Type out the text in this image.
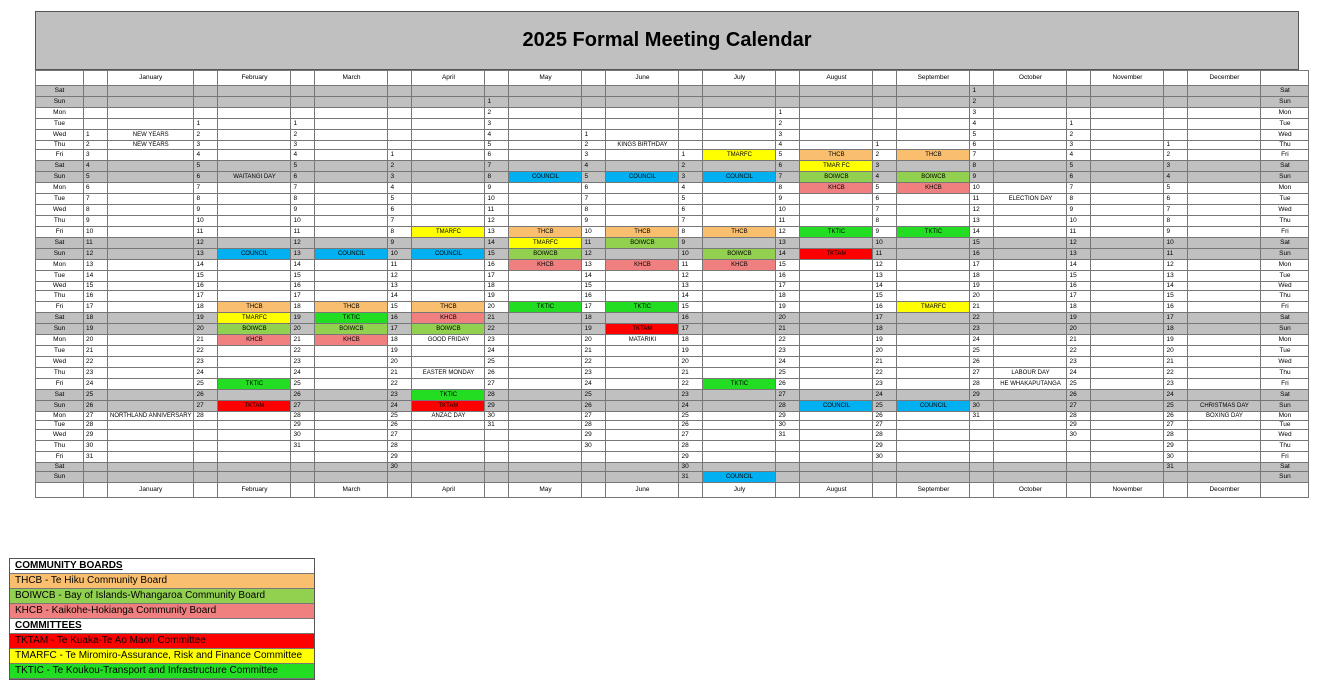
2025 Formal Meeting Calendar
		January		February		March		April		May		June		July		August		September		October		November		December	
Sat																			1						Sat
Sun									1										2						Sun
Mon									2						1				3						Mon
Tue			1		1				3						2				4		1				Tue
Wed	1	NEW YEARS	2		2				4		1				3				5		2				Wed
Thu	2	NEW YEARS	3		3				5		2	KINGS BIRTHDAY			4		1		6		3		1		Thu
Fri	3		4		4		1		6		3		1	TMARFC	5	THCB	2	THCB	7		4		2		Fri
Sat	4		5		5		2		7		4		2		6	TMAR FC	3		8		5		3		Sat
Sun	5		6	WAITANGI DAY	6		3		8	COUNCIL	5	COUNCIL	3	COUNCIL	7	BOIWCB	4	BOIWCB	9		6		4		Sun
Mon	6		7		7		4		9		6		4		8	KHCB	5	KHCB	10		7		5		Mon
Tue	7		8		8		5		10		7		5		9		6		11	ELECTION DAY	8		6		Tue
Wed	8		9		9		6		11		8		6		10		7		12		9		7		Wed
Thu	9		10		10		7		12		9		7		11		8		13		10		8		Thu
Fri	10		11		11		8	TMARFC	13	THCB	10	THCB	8	THCB	12	TKTIC	9	TKTIC	14		11		9		Fri
Sat	11		12		12		9		14	TMARFC	11	BOIWCB	9		13		10		15		12		10		Sat
Sun	12		13	COUNCIL	13	COUNCIL	10	COUNCIL	15	BOIWCB	12		10	BOIWCB	14	TKTAM	11		16		13		11		Sun
Mon	13		14		14		11		16	KHCB	13	KHCB	11	KHCB	15		12		17		14		12		Mon
Tue	14		15		15		12		17		14		12		16		13		18		15		13		Tue
Wed	15		16		16		13		18		15		13		17		14		19		16		14		Wed
Thu	16		17		17		14		19		16		14		18		15		20		17		15		Thu
Fri	17		18	THCB	18	THCB	15	THCB	20	TKTIC	17	TKTIC	15		19		16	TMARFC	21		18		16		Fri
Sat	18		19	TMARFC	19	TKTIC	16	KHCB	21		18		16		20		17		22		19		17		Sat
Sun	19		20	BOIWCB	20	BOIWCB	17	BOIWCB	22		19	TKTAM	17		21		18		23		20		18		Sun
Mon	20		21	KHCB	21	KHCB	18	GOOD FRIDAY	23		20	MATARIKI	18		22		19		24		21		19		Mon
Tue	21		22		22		19		24		21		19		23		20		25		22		20		Tue
Wed	22		23		23		20		25		22		20		24		21		26		23		21		Wed
Thu	23		24		24		21	EASTER MONDAY	26		23		21		25		22		27	LABOUR DAY	24		22		Thu
Fri	24		25	TKTIC	25		22		27		24		22	TKTIC	26		23		28	HE WHAKAPUTANGA	25		23		Fri
Sat	25		26		26		23	TKTIC	28		25		23		27		24		29		26		24		Sat
Sun	26		27	TKTAM	27		24	TKTAM	29		26		24		28	COUNCIL	25	COUNCIL	30		27		25	CHRISTMAS DAY	Sun
Mon	27	NORTHLAND ANNIVERSARY	28		28		25	ANZAC DAY	30		27		25		29		26		31		28		26	BOXING DAY	Mon
Tue	28				29		26		31		28		26		30		27				29		27		Tue
Wed	29				30		27				29		27		31		28				30		28		Wed
Thu	30				31		28				30		28				29						29		Thu
Fri	31						29						29				30						30		Fri
Sat							30						30										31		Sat
Sun													31	COUNCIL											Sun
		January		February		March		April		May		June		July		August		September		October		November		December	
COMMUNITY BOARDS
THCB - Te Hiku Community Board
BOIWCB - Bay of Islands-Whangaroa Community Board
KHCB - Kaikohe-Hokianga Community Board
COMMITTEES
TKTAM - Te Kuaka-Te Ao Maori Committee
TMARFC - Te Miromiro-Assurance, Risk and Finance Committee
TKTIC - Te Koukou-Transport and Infrastructure Committee
